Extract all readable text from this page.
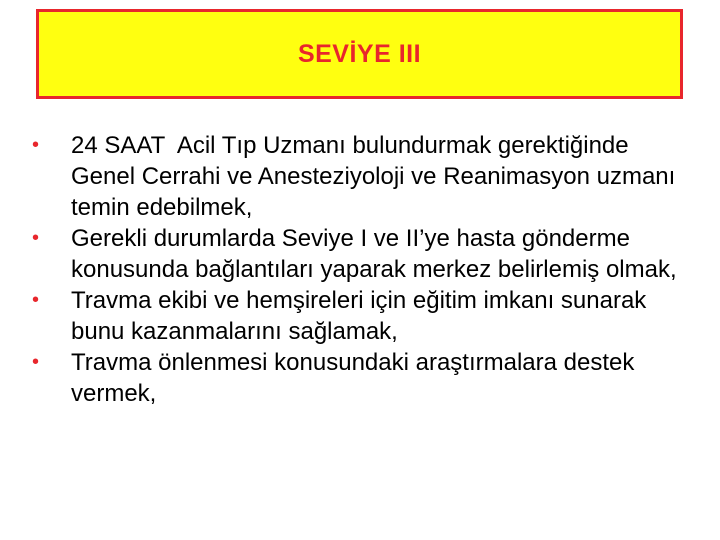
SEVİYE III
• 24 SAAT  Acil Tıp Uzmanı bulundurmak gerektiğinde Genel Cerrahi ve Anesteziyoloji ve Reanimasyon uzmanı temin edebilmek,
• Gerekli durumlarda Seviye I ve II’ye hasta gönderme konusunda bağlantıları yaparak merkez belirlemiş olmak,
• Travma ekibi ve hemşireleri için eğitim imkanı sunarak bunu kazanmalarını sağlamak,
• Travma önlenmesi konusundaki araştırmalara destek vermek,
